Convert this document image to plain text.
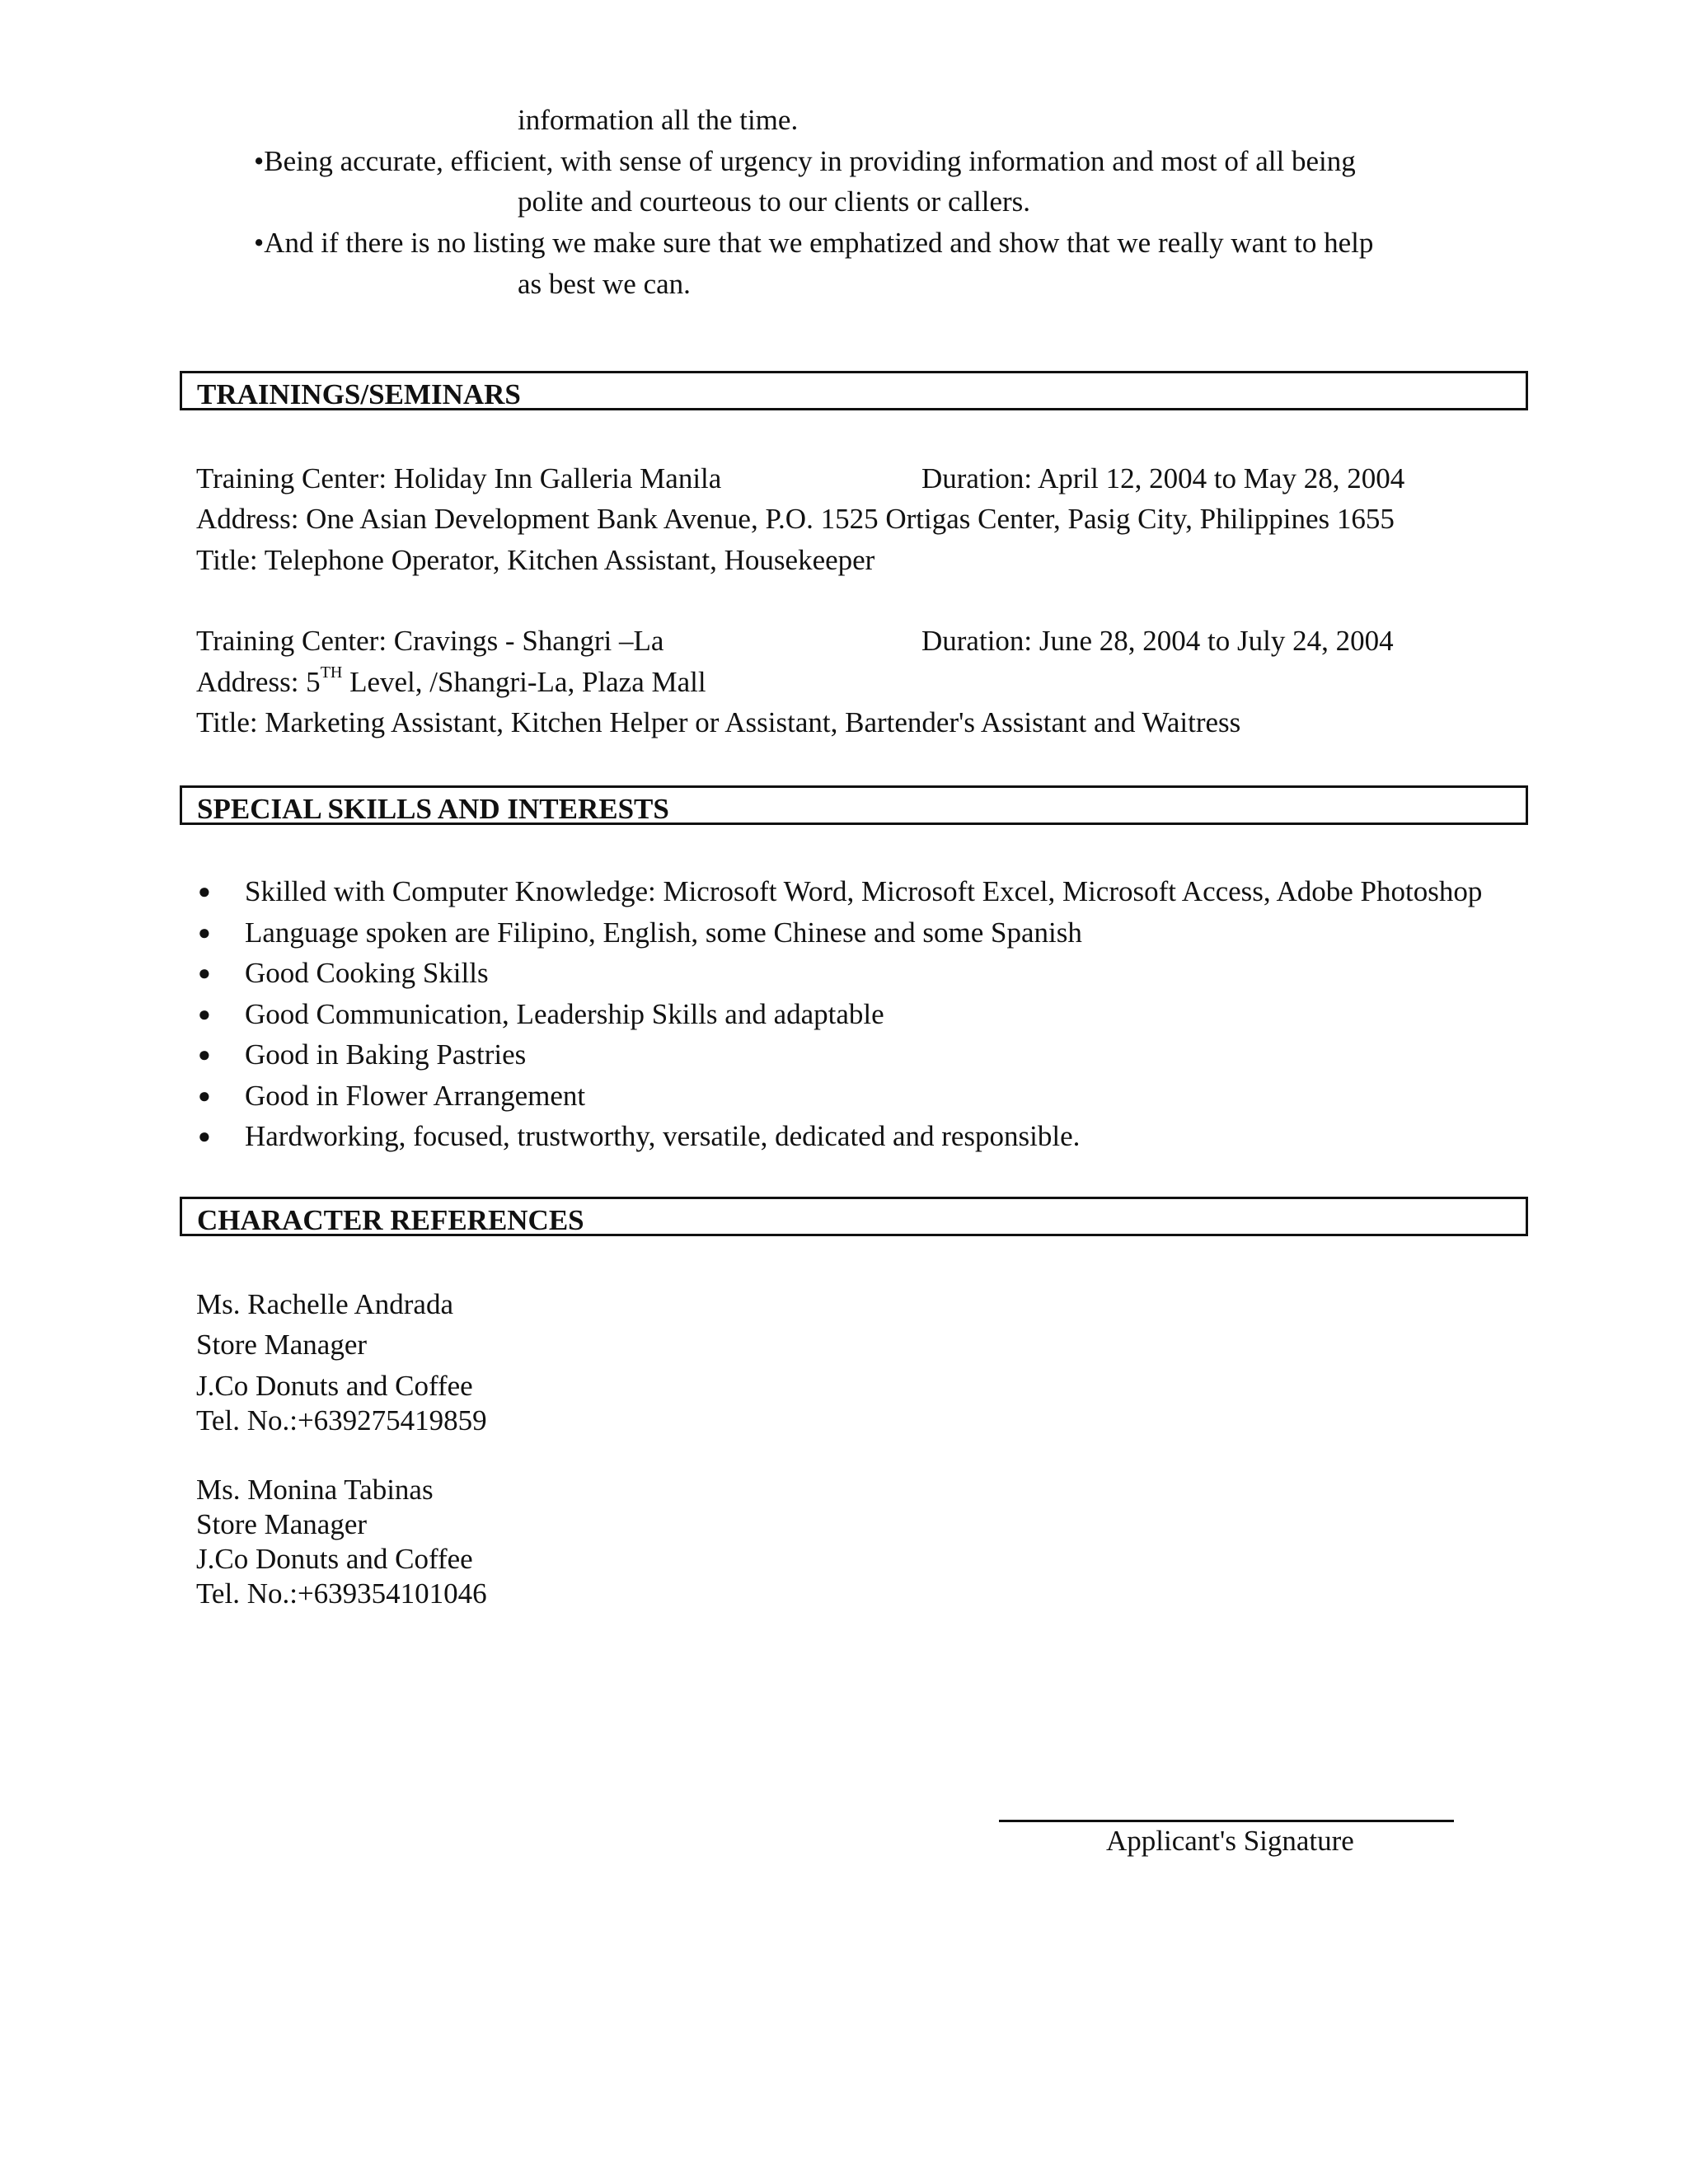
information all the time.
•Being accurate, efficient, with sense of urgency in providing information and most of all being
polite and courteous to our clients or callers.
•And if there is no listing we make sure that we emphatized and show that we really want to help
as best we can.
TRAININGS/SEMINARS
Training Center: Holiday Inn Galleria Manila	Duration: April 12, 2004 to May 28, 2004
Address: One Asian Development Bank Avenue, P.O. 1525 Ortigas Center, Pasig City, Philippines 1655
Title: Telephone Operator, Kitchen Assistant, Housekeeper
Training Center: Cravings - Shangri –La	Duration: June 28, 2004 to July 24, 2004
Address: 5TH Level, /Shangri-La, Plaza Mall
Title: Marketing Assistant, Kitchen Helper or Assistant, Bartender's Assistant and Waitress
SPECIAL SKILLS AND INTERESTS
● Skilled with Computer Knowledge: Microsoft Word, Microsoft Excel, Microsoft Access, Adobe Photoshop
● Language spoken are Filipino, English, some Chinese and some Spanish
● Good Cooking Skills
● Good Communication, Leadership Skills and adaptable
● Good in Baking Pastries
● Good in Flower Arrangement
● Hardworking, focused, trustworthy, versatile, dedicated and responsible.
CHARACTER REFERENCES
Ms. Rachelle Andrada
Store Manager
J.Co Donuts and Coffee
Tel. No.:+639275419859
Ms. Monina Tabinas
Store Manager
J.Co Donuts and Coffee
Tel. No.:+639354101046
Applicant's Signature
